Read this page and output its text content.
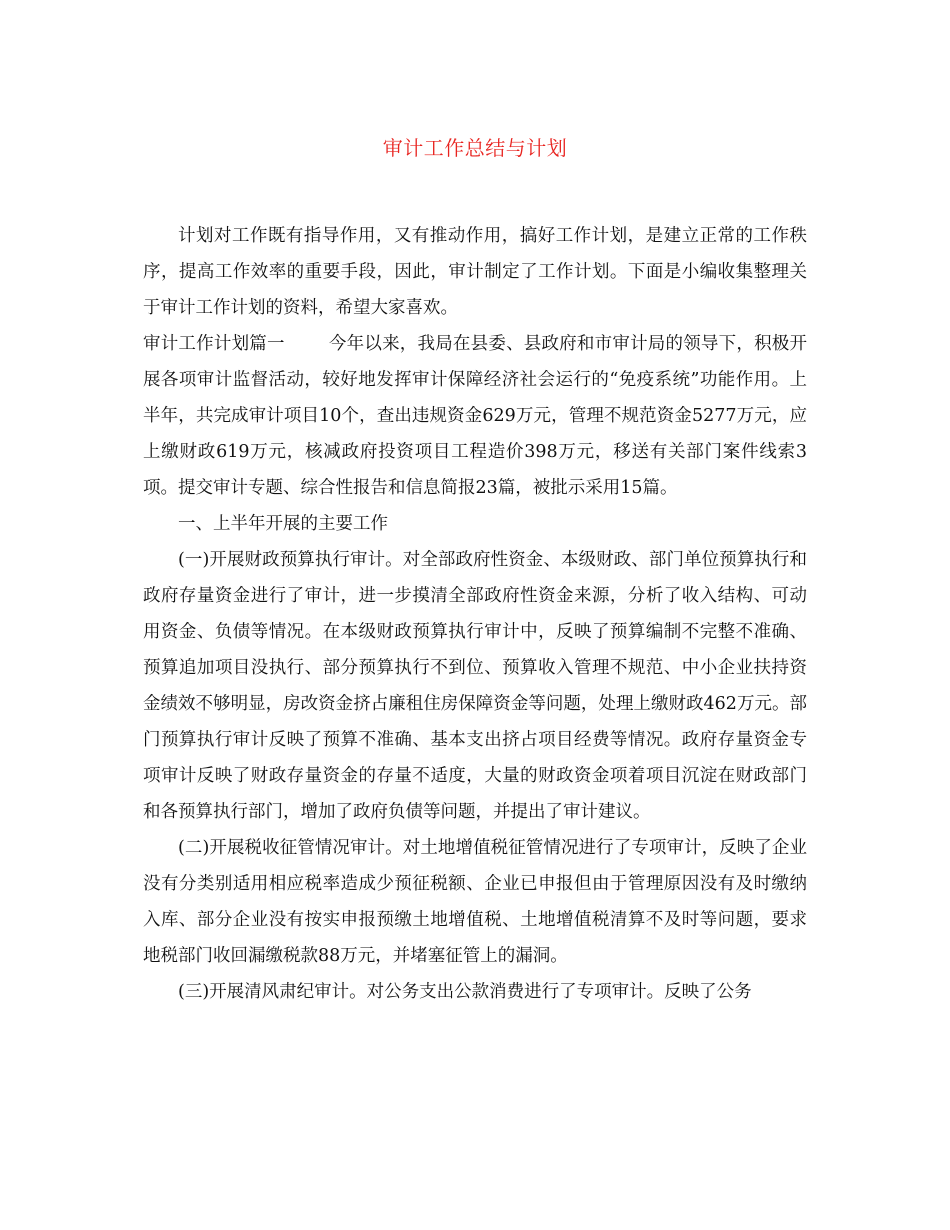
审计工作总结与计划

计划对工作既有指导作用，又有推动作用，搞好工作计划，是建立正常的工作秩序，提高工作效率的重要手段，因此，审计制定了工作计划。下面是小编收集整理关于审计工作计划的资料，希望大家喜欢。

审计工作计划篇一	今年以来，我局在县委、县政府和市审计局的领导下，积极开展各项审计监督活动，较好地发挥审计保障经济社会运行的“免疫系统”功能作用。上半年，共完成审计项目10个，查出违规资金629万元，管理不规范资金5277万元，应上缴财政619万元，核减政府投资项目工程造价398万元，移送有关部门案件线索3项。提交审计专题、综合性报告和信息简报23篇，被批示采用15篇。

一、上半年开展的主要工作

(一)开展财政预算执行审计。对全部政府性资金、本级财政、部门单位预算执行和政府存量资金进行了审计，进一步摸清全部政府性资金来源，分析了收入结构、可动用资金、负债等情况。在本级财政预算执行审计中，反映了预算编制不完整不准确、预算追加项目没执行、部分预算执行不到位、预算收入管理不规范、中小企业扶持资金绩效不够明显，房改资金挤占廉租住房保障资金等问题，处理上缴财政462万元。部门预算执行审计反映了预算不准确、基本支出挤占项目经费等情况。政府存量资金专项审计反映了财政存量资金的存量不适度，大量的财政资金项着项目沉淀在财政部门和各预算执行部门，增加了政府负债等问题，并提出了审计建议。

(二)开展税收征管情况审计。对土地增值税征管情况进行了专项审计，反映了企业没有分类别适用相应税率造成少预征税额、企业已申报但由于管理原因没有及时缴纳入库、部分企业没有按实申报预缴土地增值税、土地增值税清算不及时等问题，要求地税部门收回漏缴税款88万元，并堵塞征管上的漏洞。

(三)开展清风肃纪审计。对公务支出公款消费进行了专项审计。反映了公务
